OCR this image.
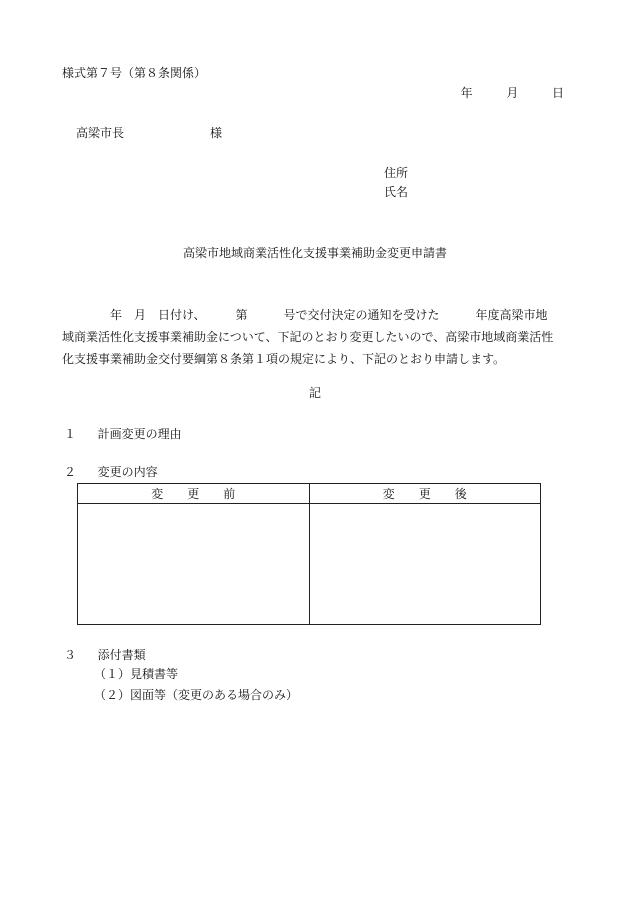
様式第７号（第８条関係）
年	月	日
高梁市長	様
住所
氏名
高梁市地域商業活性化支援事業補助金変更申請書

　　　　年　月　日付け、　　　第　　　号で交付決定の通知を受けた　　　年度高梁市地

域商業活性化支援事業補助金について、下記のとおり変更したいので、高梁市地域商業活性

化支援事業補助金交付要綱第８条第１項の規定により、下記のとおり申請します。

記
１ 計画変更の理由
２ 変更の内容
変　　更　　前	変　　更　　後

３ 添付書類
（１）見積書等
（２）図面等（変更のある場合のみ）
